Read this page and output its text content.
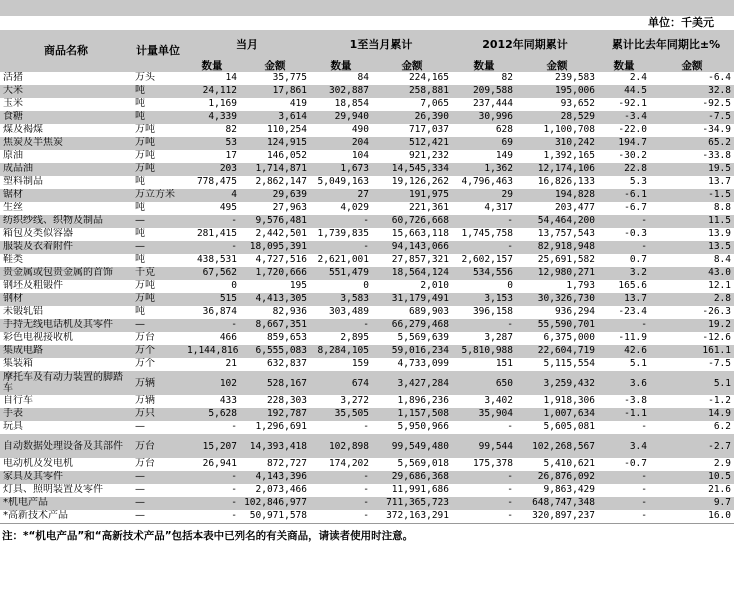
单位：千美元
商品名称	计量单位	当月		1至当月累计		2012年同期累计		累计比去年同期比±%	
		数量	金额	数量	金额	数量	金额	数量	金额
活猪	万头	14	35,775	84	224,165	82	239,583	2.4	-6.4
大米	吨	24,112	17,861	302,887	258,881	209,588	195,006	44.5	32.8
玉米	吨	1,169	419	18,854	7,065	237,444	93,652	-92.1	-92.5
食糖	吨	4,339	3,614	29,940	26,390	30,996	28,529	-3.4	-7.5
煤及褐煤	万吨	82	110,254	490	717,037	628	1,100,708	-22.0	-34.9
焦炭及半焦炭	万吨	53	124,915	204	512,421	69	310,242	194.7	65.2
原油	万吨	17	146,052	104	921,232	149	1,392,165	-30.2	-33.8
成品油	万吨	203	1,714,871	1,673	14,545,334	1,362	12,174,106	22.8	19.5
塑料制品	吨	778,475	2,862,147	5,049,163	19,126,262	4,796,463	16,826,133	5.3	13.7
锯材	万立方米	4	29,639	27	191,975	29	194,828	-6.1	-1.5
生丝	吨	495	27,963	4,029	221,361	4,317	203,477	-6.7	8.8
纺织纱线、织物及制品	—	-	9,576,481	-	60,726,668	-	54,464,200	-	11.5
箱包及类似容器	吨	281,415	2,442,501	1,739,835	15,663,118	1,745,758	13,757,543	-0.3	13.9
服装及衣着附件	—	-	18,095,391	-	94,143,066	-	82,918,948	-	13.5
鞋类	吨	438,531	4,727,516	2,621,001	27,857,321	2,602,157	25,691,582	0.7	8.4
贵金属或包贵金属的首饰	千克	67,562	1,720,666	551,479	18,564,124	534,556	12,980,271	3.2	43.0
钢坯及粗锻件	万吨	0	195	0	2,010	0	1,793	165.6	12.1
钢材	万吨	515	4,413,305	3,583	31,179,491	3,153	30,326,730	13.7	2.8
未锻轧铝	吨	36,874	82,936	303,489	689,903	396,158	936,294	-23.4	-26.3
手持无线电话机及其零件	—	-	8,667,351	-	66,279,468	-	55,590,701	-	19.2
彩色电视接收机	万台	466	859,653	2,895	5,569,639	3,287	6,375,000	-11.9	-12.6
集成电路	万个	1,144,816	6,555,083	8,284,105	59,016,234	5,810,988	22,604,719	42.6	161.1
集装箱	万个	21	632,837	159	4,733,099	151	5,115,554	5.1	-7.5
摩托车及有动力装置的脚踏车	万辆	102	528,167	674	3,427,284	650	3,259,432	3.6	5.1
自行车	万辆	433	228,303	3,272	1,896,236	3,402	1,918,306	-3.8	-1.2
手表	万只	5,628	192,787	35,505	1,157,508	35,904	1,007,634	-1.1	14.9
玩具	—	-	1,296,691	-	5,950,966	-	5,605,081	-	6.2
自动数据处理设备及其部件	万台	15,207	14,393,418	102,898	99,549,480	99,544	102,268,567	3.4	-2.7
电动机及发电机	万台	26,941	872,727	174,202	5,569,018	175,378	5,410,621	-0.7	2.9
家具及其零件	—	-	4,143,396	-	29,686,368	-	26,876,092	-	10.5
灯具、照明装置及零件	—	-	2,073,466	-	11,991,686	-	9,863,429	-	21.6
*机电产品	—	-	102,846,977	-	711,365,723	-	648,747,348	-	9.7
*高新技术产品	—	-	50,971,578	-	372,163,291	-	320,897,237	-	16.0
注：*“机电产品”和“高新技术产品”包括本表中已列名的有关商品，请读者使用时注意。
